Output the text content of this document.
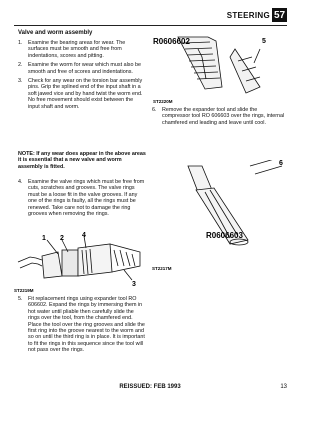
STEERING 57
Valve and worm assembly
1.	Examine the bearing areas for wear. The surfaces must be smooth and free from indentations, scores and pitting.
2.	Examine the worm for wear which must also be smooth and free of scores and indentations.
3.	Check for any wear on the torsion bar assembly pins. Grip the splined end of the input shaft in a soft jawed vice and by hand twist the worm end. No free movement should exist between the input shaft and worm.
NOTE: If any wear does appear in the above areas it is essential that a new valve and worm assembly is fitted.
4.	Examine the valve rings which must be free from cuts, scratches and grooves. The valve rings must be a loose fit in the valve grooves. If any one of the rings is faulty, all the rings must be renewed. Take care not to damage the ring grooves when removing the rings.
5.	Fit replacement rings using expander tool RO 606602. Expand the rings by immersing them in hot water until pliable then carefully slide the rings over the tool, from the chamfered end. Place the tool over the ring grooves and slide the first ring into the groove nearest to the worm and so on until the third ring is in place. It is important to fit the rings in this sequence since the tool will not pass over the rings.
6.	Remove the expander tool and slide the compressor tool RO 606603 over the rings, internal chamfered end leading and leave until cool.
R0606602	5
ST2220M
6
R0606603
ST2217M
1 2	4
3
ST2219M
REISSUED: FEB 1993	13
